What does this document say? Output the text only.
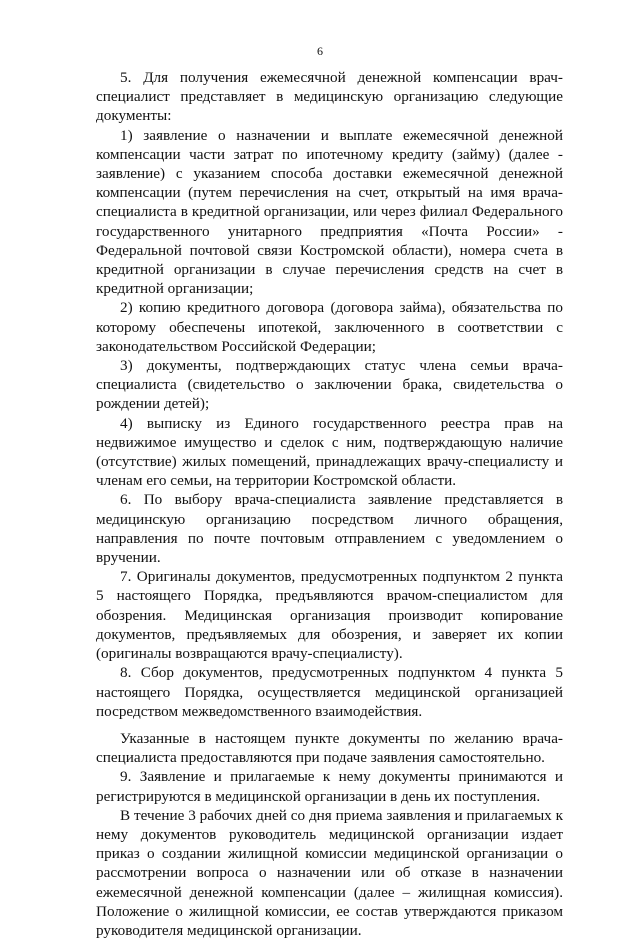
6

5. Для получения ежемесячной денежной компенсации врач-специалист представляет в медицинскую организацию следующие документы:

1) заявление о назначении и выплате ежемесячной денежной компенсации части затрат по ипотечному кредиту (займу) (далее - заявление) с указанием способа доставки ежемесячной денежной компенсации (путем перечисления на счет, открытый на имя врача-специалиста в кредитной организации, или через филиал Федерального государственного унитарного предприятия «Почта России» - Федеральной почтовой связи Костромской области), номера счета в кредитной организации в случае перечисления средств на счет в кредитной организации;

2) копию кредитного договора (договора займа), обязательства по которому обеспечены ипотекой, заключенного в соответствии с законодательством Российской Федерации;

3) документы, подтверждающих статус члена семьи врача-специалиста (свидетельство о заключении брака, свидетельства о рождении детей);

4) выписку из Единого государственного реестра прав на недвижимое имущество и сделок с ним, подтверждающую наличие (отсутствие) жилых помещений, принадлежащих врачу-специалисту и членам его семьи, на территории Костромской области.

6. По выбору врача-специалиста заявление представляется в медицинскую организацию посредством личного обращения, направления по почте почтовым отправлением с уведомлением о вручении.

7. Оригиналы документов, предусмотренных подпунктом 2 пункта 5 настоящего Порядка, предъявляются врачом-специалистом для обозрения. Медицинская организация производит копирование документов, предъявляемых для обозрения, и заверяет их копии (оригиналы возвращаются врачу-специалисту).

8. Сбор документов, предусмотренных подпунктом 4 пункта 5 настоящего Порядка, осуществляется медицинской организацией посредством межведомственного взаимодействия.

Указанные в настоящем пункте документы по желанию врача-специалиста предоставляются при подаче заявления самостоятельно.

9. Заявление и прилагаемые к нему документы принимаются и регистрируются в медицинской организации в день их поступления.

В течение 3 рабочих дней со дня приема заявления и прилагаемых к нему документов руководитель медицинской организации издает приказ о создании жилищной комиссии медицинской организации о рассмотрении вопроса о назначении или об отказе в назначении ежемесячной денежной компенсации (далее – жилищная комиссия). Положение о жилищной комиссии, ее состав утверждаются приказом руководителя медицинской организации.
